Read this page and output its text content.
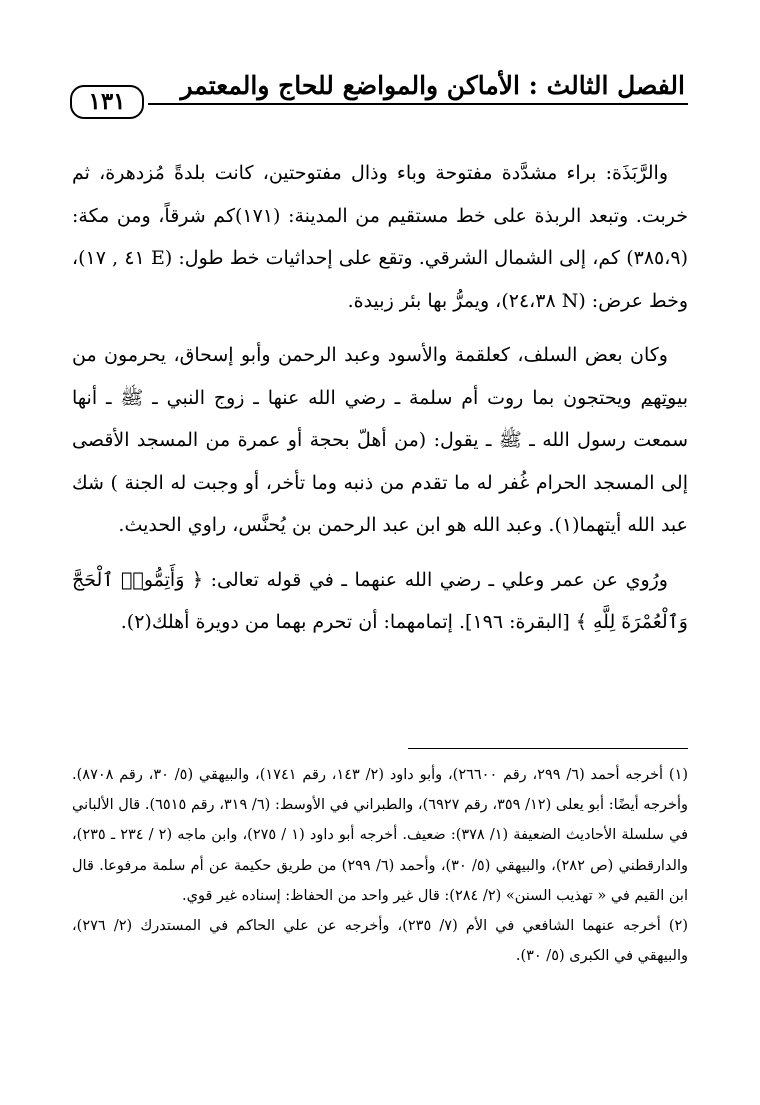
الفصل الثالث : الأماكن والمواضع للحاج والمعتمر
١٣١

والرَّبَذَة: براء مشدَّدة مفتوحة وباء وذال مفتوحتين، كانت بلدةً مُزدهرة، ثم خربت. وتبعد الربذة على خط مستقيم من المدينة: (١٧١)كم شرقاً، ومن مكة: (٣٨٥،٩) كم، إلى الشمال الشرقي. وتقع على إحداثيات خط طول: (E ٤١ , ١٧)، وخط عرض: (N ٢٤،٣٨)، ويمرُّ بها بئر زبيدة.

وكان بعض السلف، كعلقمة والأسود وعبد الرحمن وأبو إسحاق، يحرمون من بيوتهم ويحتجون بما روت أم سلمة ـ رضي الله عنها ـ زوج النبي ـ ﷺ ـ أنها سمعت رسول الله ـ ﷺ ـ يقول: (من أهلّ بحجة أو عمرة من المسجد الأقصى إلى المسجد الحرام غُفر له ما تقدم من ذنبه وما تأخر، أو وجبت له الجنة ) شك عبد الله أيتهما(١). وعبد الله هو ابن عبد الرحمن بن يُحنَّس، راوي الحديث.

ورُوي عن عمر وعلي ـ رضي الله عنهما ـ في قوله تعالى: ﴿ وَأَتِمُّوا۟ ٱلْحَجَّ وَٱلْعُمْرَةَ لِلَّهِ ﴾ [البقرة: ١٩٦]. إتمامهما: أن تحرم بهما من دويرة أهلك(٢).

(١) أخرجه أحمد (٦/ ٢٩٩، رقم ٢٦٦٠٠)، وأبو داود (٢/ ١٤٣، رقم ١٧٤١)، والبيهقي (٥/ ٣٠، رقم ٨٧٠٨). وأخرجه أيضًا: أبو يعلى (١٢/ ٣٥٩، رقم ٦٩٢٧)، والطبراني في الأوسط: (٦/ ٣١٩، رقم ٦٥١٥). قال الألباني في سلسلة الأحاديث الضعيفة (١/ ٣٧٨): ضعيف. أخرجه أبو داود (١ / ٢٧٥)، وابن ماجه (٢ / ٢٣٤ ـ ٢٣٥)، والدارقطني (ص ٢٨٢)، والبيهقي (٥/ ٣٠)، وأحمد (٦/ ٢٩٩) من طريق حكيمة عن أم سلمة مرفوعا. قال ابن القيم في « تهذيب السنن» (٢/ ٢٨٤): قال غير واحد من الحفاظ: إسناده غير قوي.

(٢) أخرجه عنهما الشافعي في الأم (٧/ ٢٣٥)، وأخرجه عن علي الحاكم في المستدرك (٢/ ٢٧٦)، والبيهقي في الكبرى (٥/ ٣٠).
